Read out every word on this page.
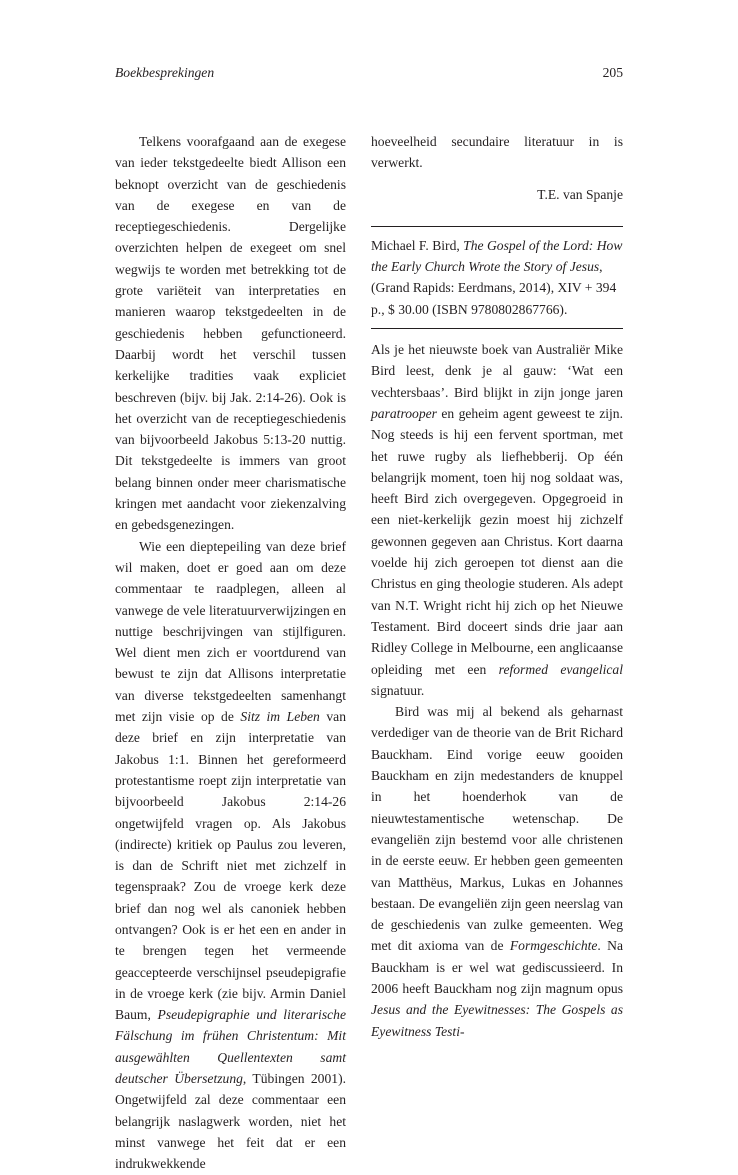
Boekbesprekingen	205

Telkens voorafgaand aan de exegese van ieder tekstgedeelte biedt Allison een beknopt overzicht van de geschiedenis van de exegese en van de receptiegeschiedenis. Dergelijke overzichten helpen de exegeet om snel wegwijs te worden met betrekking tot de grote variëteit van interpretaties en manieren waarop tekstgedeelten in de geschiedenis hebben gefunctioneerd. Daarbij wordt het verschil tussen kerkelijke tradities vaak expliciet beschreven (bijv. bij Jak. 2:14-26). Ook is het overzicht van de receptiegeschiedenis van bijvoorbeeld Jakobus 5:13-20 nuttig. Dit tekstgedeelte is immers van groot belang binnen onder meer charismatische kringen met aandacht voor ziekenzalving en gebedsgenezingen.

Wie een dieptepeiling van deze brief wil maken, doet er goed aan om deze commentaar te raadplegen, alleen al vanwege de vele literatuurverwijzingen en nuttige beschrijvingen van stijlfiguren. Wel dient men zich er voortdurend van bewust te zijn dat Allisons interpretatie van diverse tekstgedeelten samenhangt met zijn visie op de Sitz im Leben van deze brief en zijn interpretatie van Jakobus 1:1. Binnen het gereformeerd protestantisme roept zijn interpretatie van bijvoorbeeld Jakobus 2:14-26 ongetwijfeld vragen op. Als Jakobus (indirecte) kritiek op Paulus zou leveren, is dan de Schrift niet met zichzelf in tegenspraak? Zou de vroege kerk deze brief dan nog wel als canoniek hebben ontvangen? Ook is er het een en ander in te brengen tegen het vermeende geaccepteerde verschijnsel pseudepigrafie in de vroege kerk (zie bijv. Armin Daniel Baum, Pseudepigraphie und literarische Fälschung im frühen Christentum: Mit ausgewählten Quellentexten samt deutscher Übersetzung, Tübingen 2001). Ongetwijfeld zal deze commentaar een belangrijk naslagwerk worden, niet het minst vanwege het feit dat er een indrukwekkende

hoeveelheid secundaire literatuur in is verwerkt.

T.E. van Spanje

Michael F. Bird, The Gospel of the Lord: How the Early Church Wrote the Story of Jesus, (Grand Rapids: Eerdmans, 2014), XIV + 394 p., $ 30.00 (ISBN 9780802867766).

Als je het nieuwste boek van Australiër Mike Bird leest, denk je al gauw: ‘Wat een vechtersbaas’. Bird blijkt in zijn jonge jaren paratrooper en geheim agent geweest te zijn. Nog steeds is hij een fervent sportman, met het ruwe rugby als liefhebberij. Op één belangrijk moment, toen hij nog soldaat was, heeft Bird zich overgegeven. Opgegroeid in een niet-kerkelijk gezin moest hij zichzelf gewonnen gegeven aan Christus. Kort daarna voelde hij zich geroepen tot dienst aan die Christus en ging theologie studeren. Als adept van N.T. Wright richt hij zich op het Nieuwe Testament. Bird doceert sinds drie jaar aan Ridley College in Melbourne, een anglicaanse opleiding met een reformed evangelical signatuur.

Bird was mij al bekend als geharnast verdediger van de theorie van de Brit Richard Bauckham. Eind vorige eeuw gooiden Bauckham en zijn medestanders de knuppel in het hoenderhok van de nieuwtestamentische wetenschap. De evangeliën zijn bestemd voor alle christenen in de eerste eeuw. Er hebben geen gemeenten van Matthëus, Markus, Lukas en Johannes bestaan. De evangeliën zijn geen neerslag van de geschiedenis van zulke gemeenten. Weg met dit axioma van de Formgeschichte. Na Bauckham is er wel wat gediscussieerd. In 2006 heeft Bauckham nog zijn magnum opus Jesus and the Eyewitnesses: The Gospels as Eyewitness Testi-
